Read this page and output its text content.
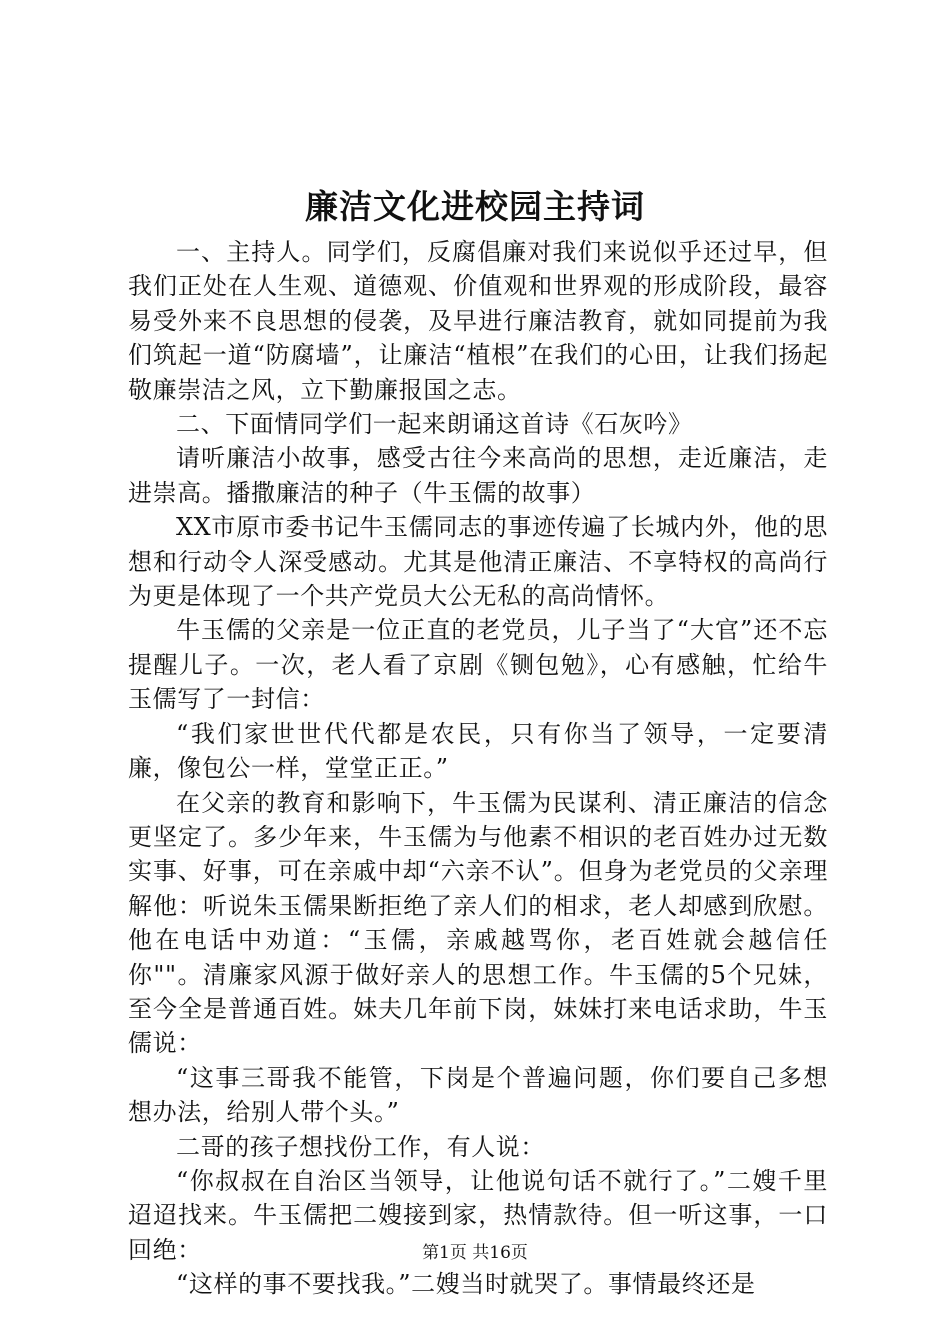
廉洁文化进校园主持词

一、主持人。同学们，反腐倡廉对我们来说似乎还过早，但我们正处在人生观、道德观、价值观和世界观的形成阶段，最容易受外来不良思想的侵袭，及早进行廉洁教育，就如同提前为我们筑起一道“防腐墙”，让廉洁“植根”在我们的心田，让我们扬起敬廉崇洁之风，立下勤廉报国之志。

二、下面情同学们一起来朗诵这首诗《石灰吟》

请听廉洁小故事，感受古往今来高尚的思想，走近廉洁，走进崇高。播撒廉洁的种子（牛玉儒的故事）

XX市原市委书记牛玉儒同志的事迹传遍了长城内外，他的思想和行动令人深受感动。尤其是他清正廉洁、不享特权的高尚行为更是体现了一个共产党员大公无私的高尚情怀。

牛玉儒的父亲是一位正直的老党员，儿子当了“大官”还不忘提醒儿子。一次，老人看了京剧《铡包勉》，心有感触，忙给牛玉儒写了一封信：

“我们家世世代代都是农民，只有你当了领导，一定要清廉，像包公一样，堂堂正正。”

在父亲的教育和影响下，牛玉儒为民谋利、清正廉洁的信念更坚定了。多少年来，牛玉儒为与他素不相识的老百姓办过无数实事、好事，可在亲戚中却“六亲不认”。但身为老党员的父亲理解他：听说朱玉儒果断拒绝了亲人们的相求，老人却感到欣慰。他在电话中劝道：“玉儒，亲戚越骂你，老百姓就会越信任你""。清廉家风源于做好亲人的思想工作。牛玉儒的5个兄妹，至今全是普通百姓。妹夫几年前下岗，妹妹打来电话求助，牛玉儒说：

“这事三哥我不能管，下岗是个普遍问题，你们要自己多想想办法，给别人带个头。”

二哥的孩子想找份工作，有人说：

“你叔叔在自治区当领导，让他说句话不就行了。”二嫂千里迢迢找来。牛玉儒把二嫂接到家，热情款待。但一听这事，一口回绝：

“这样的事不要找我。”二嫂当时就哭了。事情最终还是

第1页 共16页
